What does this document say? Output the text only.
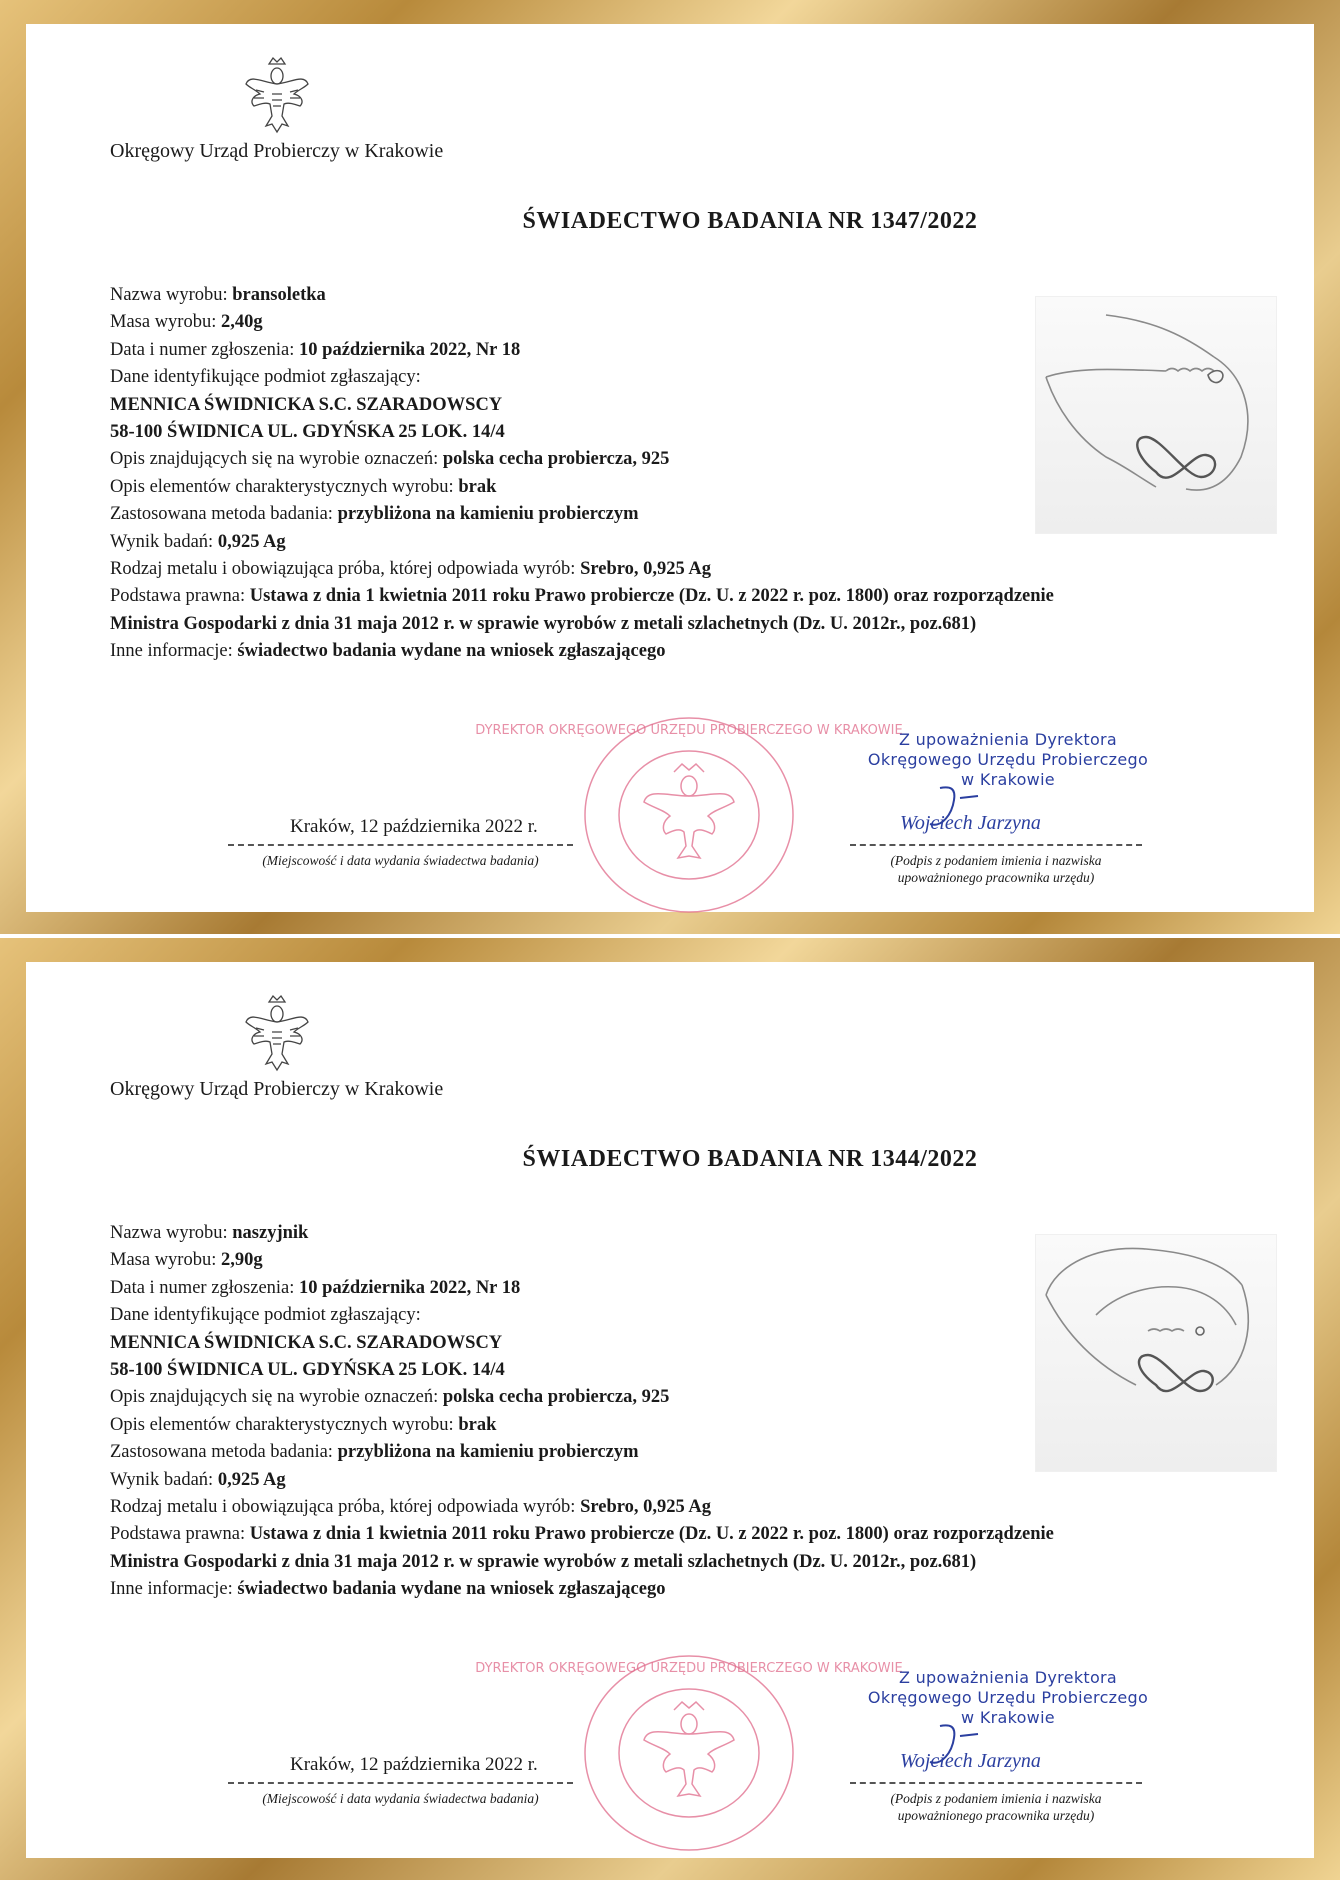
Okręgowy Urząd Probierczy w Krakowie
ŚWIADECTWO BADANIA NR 1347/2022
Nazwa wyrobu: bransoletka
Masa wyrobu: 2,40g
Data i numer zgłoszenia: 10 października 2022, Nr 18
Dane identyfikujące podmiot zgłaszający:
MENNICA ŚWIDNICKA S.C. SZARADOWSCY
58-100 ŚWIDNICA UL. GDYŃSKA 25 LOK. 14/4
Opis znajdujących się na wyrobie oznaczeń: polska cecha probiercza, 925
Opis elementów charakterystycznych wyrobu: brak
Zastosowana metoda badania: przybliżona na kamieniu probierczym
Wynik badań: 0,925 Ag
Rodzaj metalu i obowiązująca próba, której odpowiada wyrób: Srebro, 0,925 Ag
Podstawa prawna: Ustawa z dnia 1 kwietnia 2011 roku Prawo probiercze (Dz. U. z 2022 r. poz. 1800) oraz rozporządzenie
Ministra Gospodarki z dnia 31 maja 2012 r. w sprawie wyrobów z metali szlachetnych (Dz. U. 2012r., poz.681)
Inne informacje: świadectwo badania wydane na wniosek zgłaszającego
DYREKTOR OKRĘGOWEGO URZĘDU PROBIERCZEGO W KRAKOWIE
Z upoważnienia Dyrektora
Okręgowego Urzędu Probierczego
w Krakowie
Kraków, 12 października 2022 r.	Wojciech Jarzyna
(Miejscowość i data wydania świadectwa badania)	(Podpis z podaniem imienia i nazwiska upoważnionego pracownika urzędu)
Okręgowy Urząd Probierczy w Krakowie
ŚWIADECTWO BADANIA NR 1344/2022
Nazwa wyrobu: naszyjnik
Masa wyrobu: 2,90g
Data i numer zgłoszenia: 10 października 2022, Nr 18
Dane identyfikujące podmiot zgłaszający:
MENNICA ŚWIDNICKA S.C. SZARADOWSCY
58-100 ŚWIDNICA UL. GDYŃSKA 25 LOK. 14/4
Opis znajdujących się na wyrobie oznaczeń: polska cecha probiercza, 925
Opis elementów charakterystycznych wyrobu: brak
Zastosowana metoda badania: przybliżona na kamieniu probierczym
Wynik badań: 0,925 Ag
Rodzaj metalu i obowiązująca próba, której odpowiada wyrób: Srebro, 0,925 Ag
Podstawa prawna: Ustawa z dnia 1 kwietnia 2011 roku Prawo probiercze (Dz. U. z 2022 r. poz. 1800) oraz rozporządzenie
Ministra Gospodarki z dnia 31 maja 2012 r. w sprawie wyrobów z metali szlachetnych (Dz. U. 2012r., poz.681)
Inne informacje: świadectwo badania wydane na wniosek zgłaszającego
DYREKTOR OKRĘGOWEGO URZĘDU PROBIERCZEGO W KRAKOWIE
Z upoważnienia Dyrektora
Okręgowego Urzędu Probierczego
w Krakowie
Kraków, 12 października 2022 r.	Wojciech Jarzyna
(Miejscowość i data wydania świadectwa badania)	(Podpis z podaniem imienia i nazwiska upoważnionego pracownika urzędu)
